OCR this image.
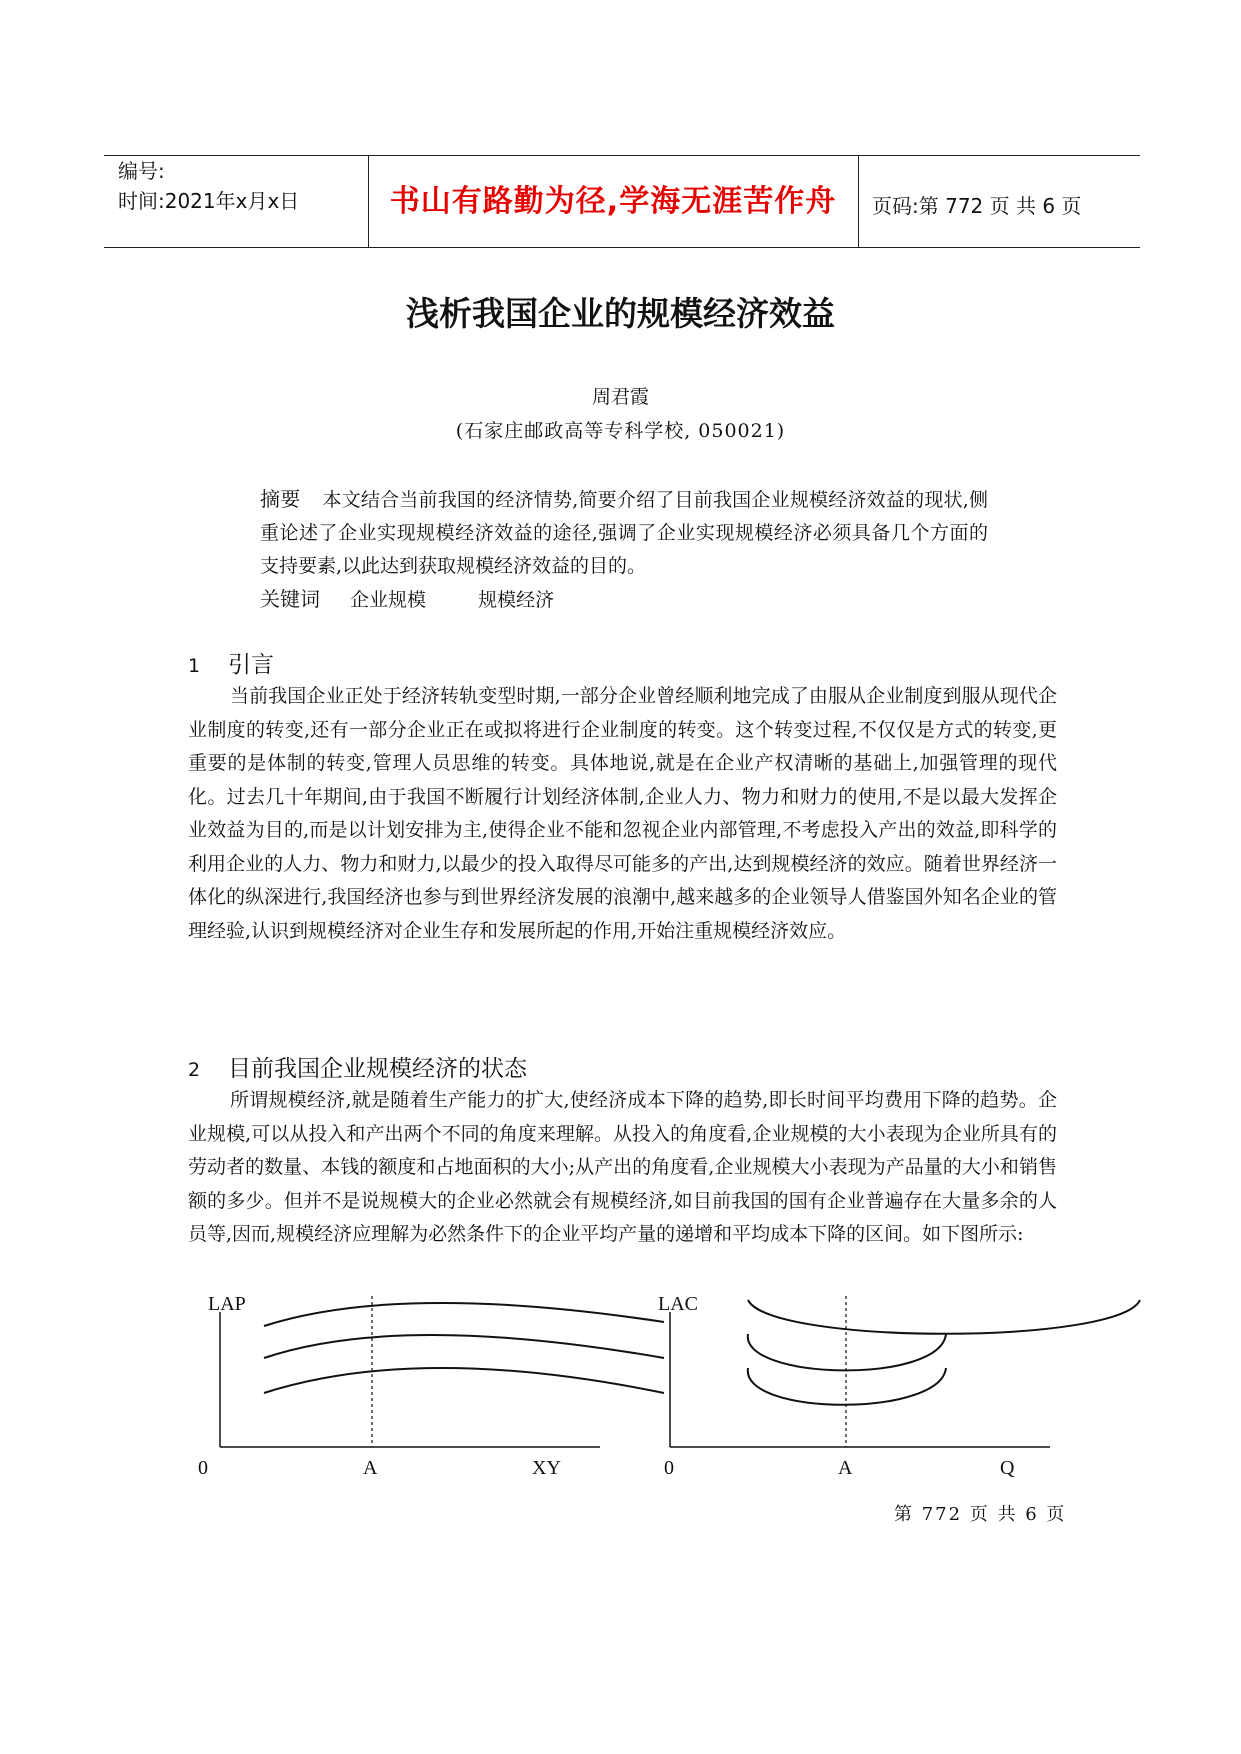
编号:
时间:2021年x月x日	书山有路勤为径,学海无涯苦作舟	页码:第 772 页 共 6 页
浅析我国企业的规模经济效益
周君霞
(石家庄邮政高等专科学校, 050021)
摘要 本文结合当前我国的经济情势,简要介绍了目前我国企业规模经济效益的现状,侧重论述了企业实现规模经济效益的途径,强调了企业实现规模经济必须具备几个方面的支持要素,以此达到获取规模经济效益的目的。
关键词 企业规模	规模经济
1 引言
当前我国企业正处于经济转轨变型时期,一部分企业曾经顺利地完成了由服从企业制度到服从现代企业制度的转变,还有一部分企业正在或拟将进行企业制度的转变。这个转变过程,不仅仅是方式的转变,更重要的是体制的转变,管理人员思维的转变。具体地说,就是在企业产权清晰的基础上,加强管理的现代化。过去几十年期间,由于我国不断履行计划经济体制,企业人力、物力和财力的使用,不是以最大发挥企业效益为目的,而是以计划安排为主,使得企业不能和忽视企业内部管理,不考虑投入产出的效益,即科学的利用企业的人力、物力和财力,以最少的投入取得尽可能多的产出,达到规模经济的效应。随着世界经济一体化的纵深进行,我国经济也参与到世界经济发展的浪潮中,越来越多的企业领导人借鉴国外知名企业的管理经验,认识到规模经济对企业生存和发展所起的作用,开始注重规模经济效应。
2 目前我国企业规模经济的状态
所谓规模经济,就是随着生产能力的扩大,使经济成本下降的趋势,即长时间平均费用下降的趋势。企业规模,可以从投入和产出两个不同的角度来理解。从投入的角度看,企业规模的大小表现为企业所具有的劳动者的数量、本钱的额度和占地面积的大小;从产出的角度看,企业规模大小表现为产品量的大小和销售额的多少。但并不是说规模大的企业必然就会有规模经济,如目前我国的国有企业普遍存在大量多余的人员等,因而,规模经济应理解为必然条件下的企业平均产量的递增和平均成本下降的区间。如下图所示:
LAP
0	A	XY
LAC
0	A	Q
第 772 页 共 6 页
